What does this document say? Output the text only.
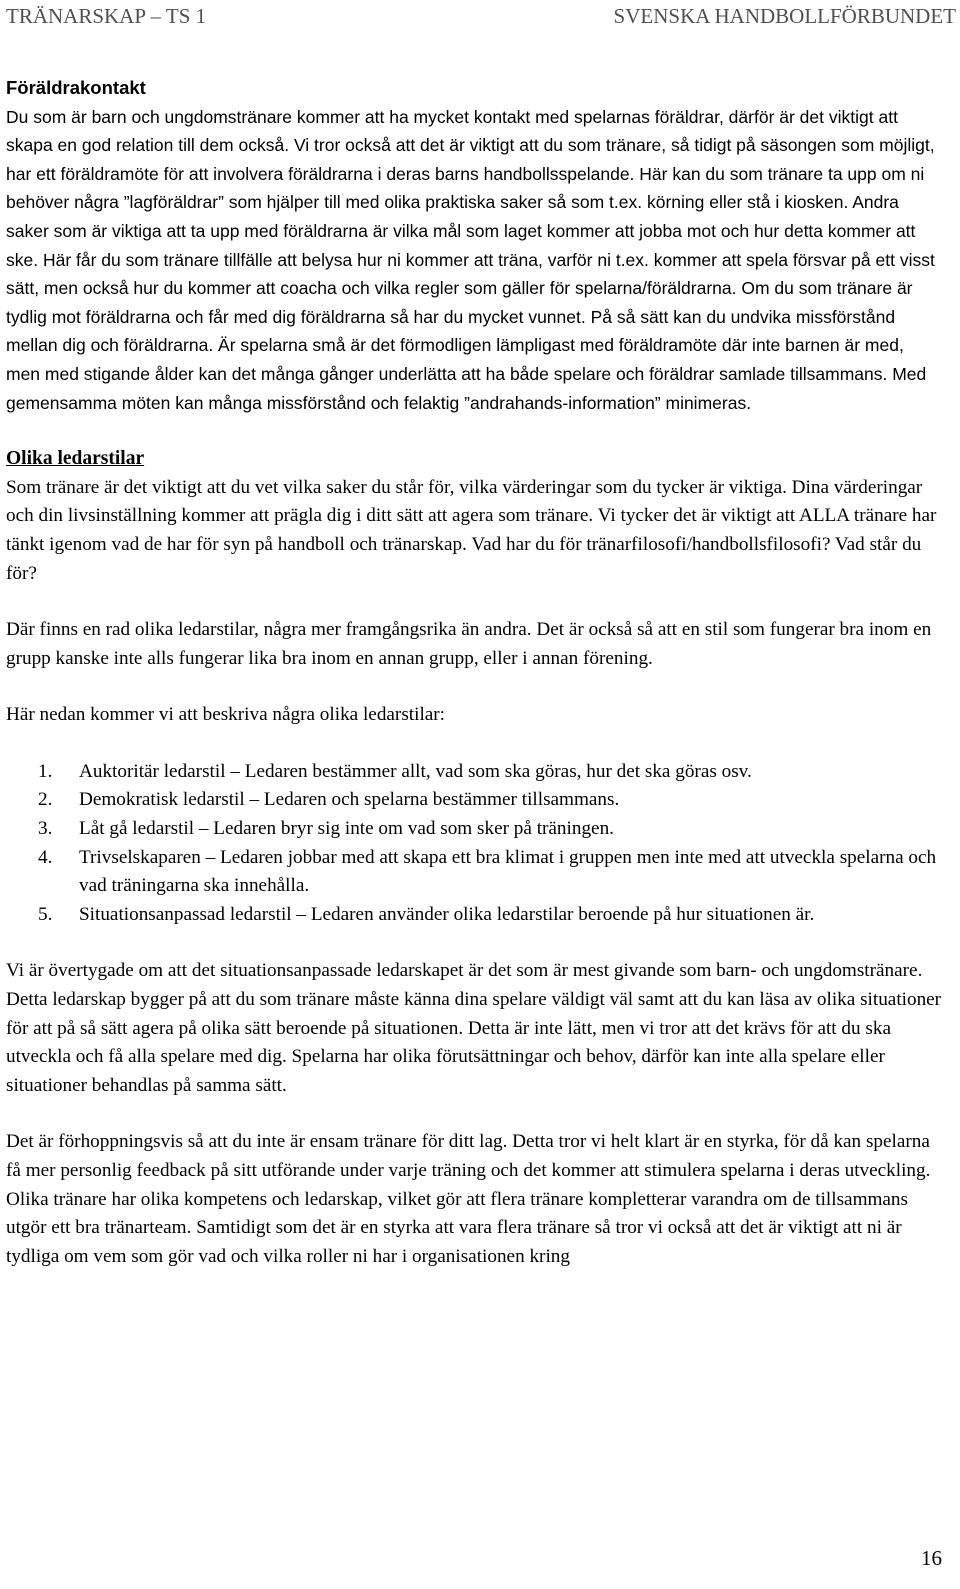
TRÄNARSKAP – TS 1	SVENSKA HANDBOLLFÖRBUNDET
Föräldrakontakt

Du som är barn och ungdomstränare kommer att ha mycket kontakt med spelarnas föräldrar, därför är det viktigt att skapa en god relation till dem också. Vi tror också att det är viktigt att du som tränare, så tidigt på säsongen som möjligt, har ett föräldramöte för att involvera föräldrarna i deras barns handbollsspelande. Här kan du som tränare ta upp om ni behöver några ”lagföräldrar” som hjälper till med olika praktiska saker så som t.ex. körning eller stå i kiosken. Andra saker som är viktiga att ta upp med föräldrarna är vilka mål som laget kommer att jobba mot och hur detta kommer att ske. Här får du som tränare tillfälle att belysa hur ni kommer att träna, varför ni t.ex. kommer att spela försvar på ett visst sätt, men också hur du kommer att coacha och vilka regler som gäller för spelarna/föräldrarna. Om du som tränare är tydlig mot föräldrarna och får med dig föräldrarna så har du mycket vunnet. På så sätt kan du undvika missförstånd mellan dig och föräldrarna. Är spelarna små är det förmodligen lämpligast med föräldramöte där inte barnen är med, men med stigande ålder kan det många gånger underlätta att ha både spelare och föräldrar samlade tillsammans. Med gemensamma möten kan många missförstånd och felaktig ”andrahands-information” minimeras.

Olika ledarstilar

Som tränare är det viktigt att du vet vilka saker du står för, vilka värderingar som du tycker är viktiga. Dina värderingar och din livsinställning kommer att prägla dig i ditt sätt att agera som tränare. Vi tycker det är viktigt att ALLA tränare har tänkt igenom vad de har för syn på handboll och tränarskap. Vad har du för tränarfilosofi/handbollsfilosofi? Vad står du för?

Där finns en rad olika ledarstilar, några mer framgångsrika än andra. Det är också så att en stil som fungerar bra inom en grupp kanske inte alls fungerar lika bra inom en annan grupp, eller i annan förening.

Här nedan kommer vi att beskriva några olika ledarstilar:

1. Auktoritär ledarstil – Ledaren bestämmer allt, vad som ska göras, hur det ska göras osv.
2. Demokratisk ledarstil – Ledaren och spelarna bestämmer tillsammans.
3. Låt gå ledarstil – Ledaren bryr sig inte om vad som sker på träningen.
4. Trivselskaparen – Ledaren jobbar med att skapa ett bra klimat i gruppen men inte med att utveckla spelarna och vad träningarna ska innehålla.
5. Situationsanpassad ledarstil – Ledaren använder olika ledarstilar beroende på hur situationen är.

Vi är övertygade om att det situationsanpassade ledarskapet är det som är mest givande som barn- och ungdomstränare. Detta ledarskap bygger på att du som tränare måste känna dina spelare väldigt väl samt att du kan läsa av olika situationer för att på så sätt agera på olika sätt beroende på situationen. Detta är inte lätt, men vi tror att det krävs för att du ska utveckla och få alla spelare med dig. Spelarna har olika förutsättningar och behov, därför kan inte alla spelare eller situationer behandlas på samma sätt.

Det är förhoppningsvis så att du inte är ensam tränare för ditt lag. Detta tror vi helt klart är en styrka, för då kan spelarna få mer personlig feedback på sitt utförande under varje träning och det kommer att stimulera spelarna i deras utveckling. Olika tränare har olika kompetens och ledarskap, vilket gör att flera tränare kompletterar varandra om de tillsammans utgör ett bra tränarteam. Samtidigt som det är en styrka att vara flera tränare så tror vi också att det är viktigt att ni är tydliga om vem som gör vad och vilka roller ni har i organisationen kring

16
